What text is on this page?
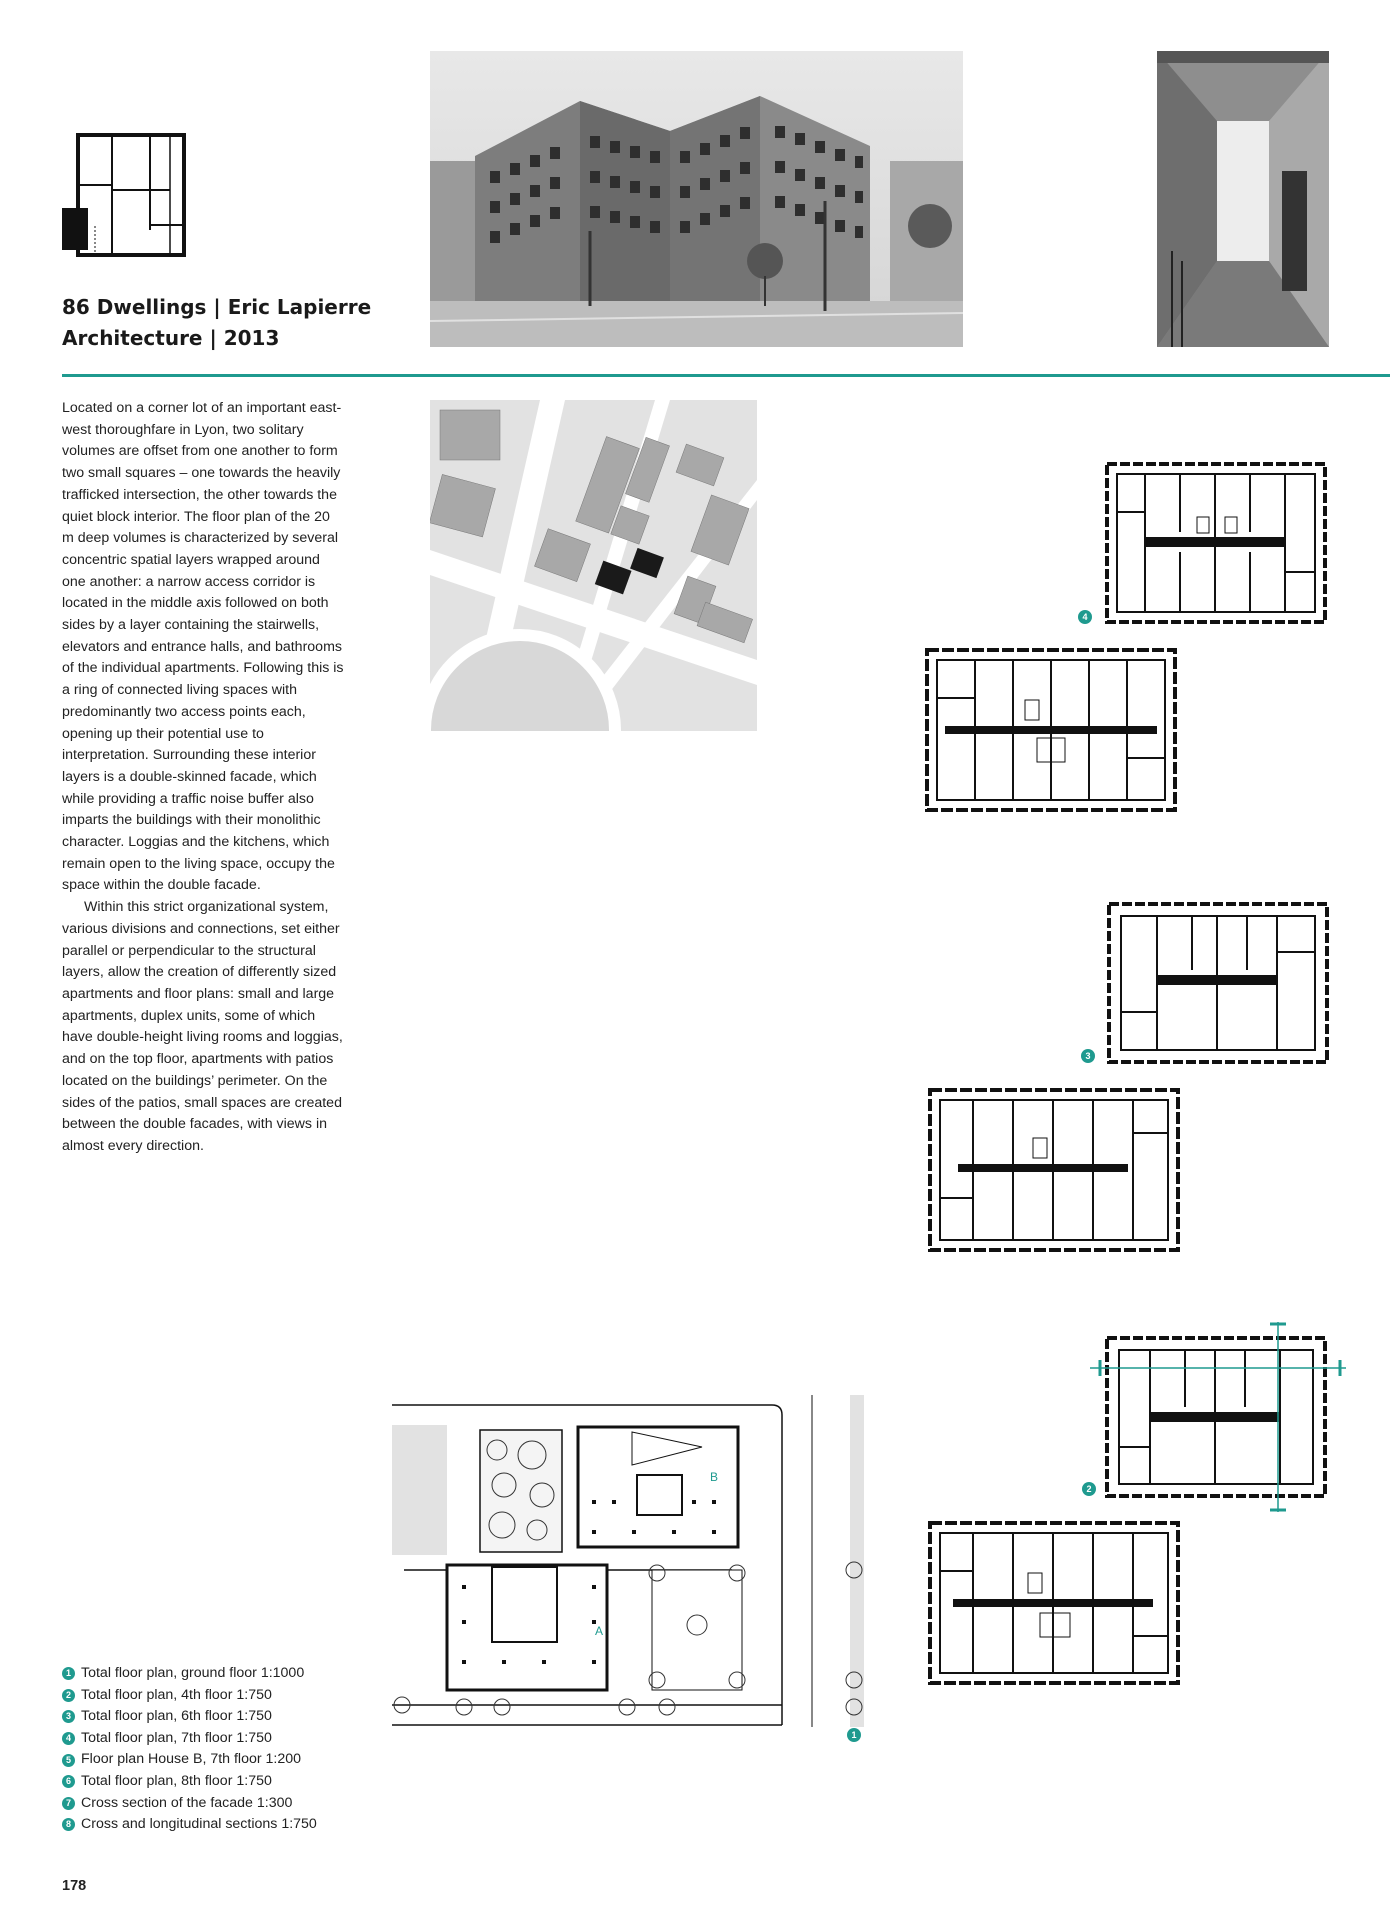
86 Dwellings | Eric Lapierre
Architecture | 2013

Located on a corner lot of an important east-west thoroughfare in Lyon, two solitary volumes are offset from one another to form two small squares – one towards the heavily trafficked intersection, the other towards the quiet block interior. The floor plan of the 20 m deep volumes is characterized by several concentric spatial layers wrapped around one another: a narrow access corridor is located in the middle axis followed on both sides by a layer containing the stairwells, elevators and entrance halls, and bathrooms of the individual apartments. Following this is a ring of connected living spaces with predominantly two access points each, opening up their potential use to interpretation. Surrounding these interior layers is a double-skinned facade, which while providing a traffic noise buffer also imparts the buildings with their monolithic character. Loggias and the kitchens, which remain open to the living space, occupy the space within the double facade.

Within this strict organizational system, various divisions and connections, set either parallel or perpendicular to the structural layers, allow the creation of differently sized apartments and floor plans: small and large apartments, duplex units, some of which have double-height living rooms and loggias, and on the top floor, apartments with patios located on the buildings’ perimeter. On the sides of the patios, small spaces are created between the double facades, with views in almost every direction.

4
3
2
B
A
1
1 Total floor plan, ground floor 1:1000
2 Total floor plan, 4th floor 1:750
3 Total floor plan, 6th floor 1:750
4 Total floor plan, 7th floor 1:750
5 Floor plan House B, 7th floor 1:200
6 Total floor plan, 8th floor 1:750
7 Cross section of the facade 1:300
8 Cross and longitudinal sections 1:750
178
